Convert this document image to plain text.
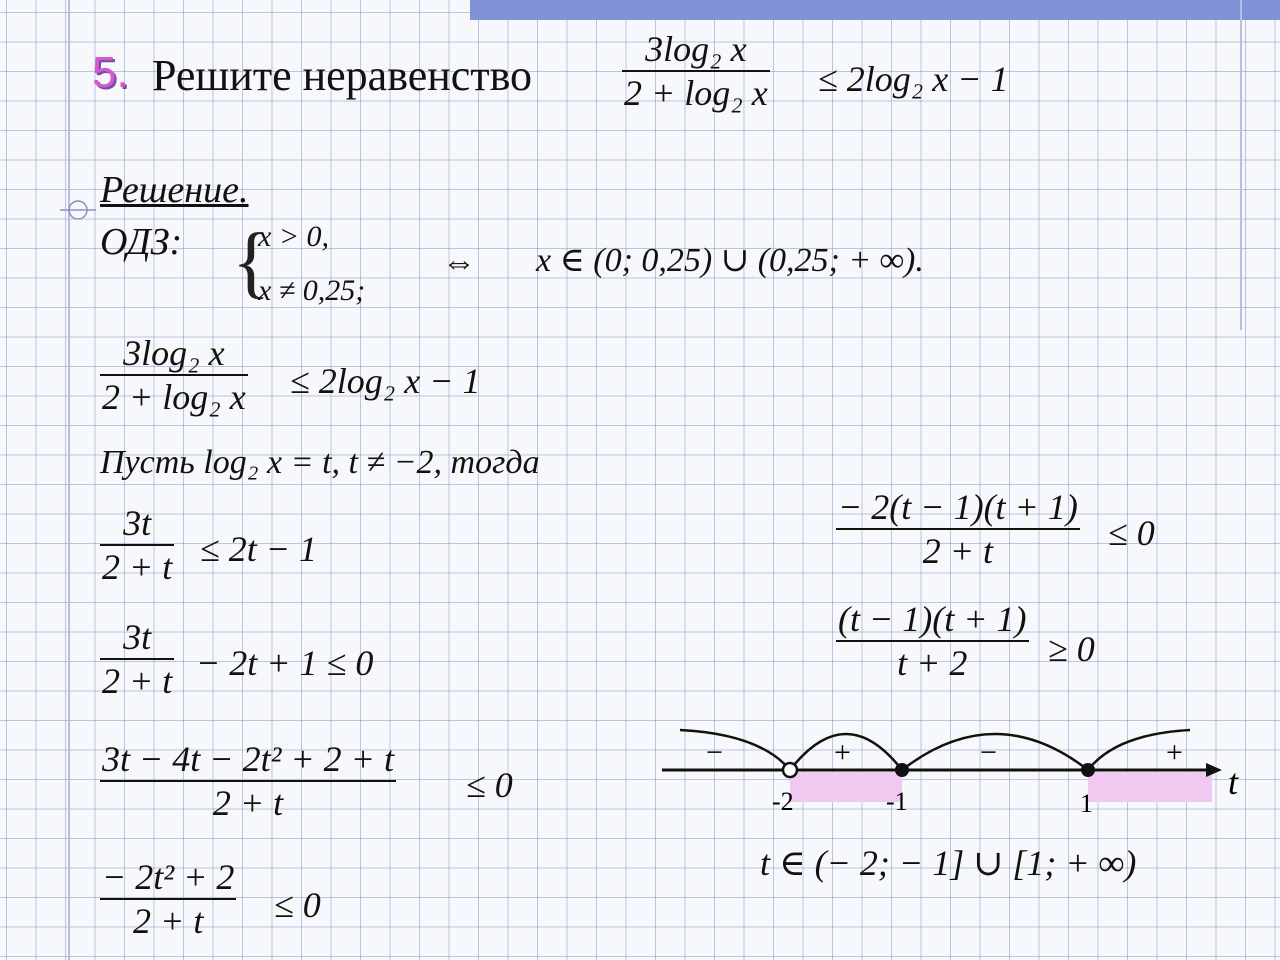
5. Решите неравенство
3log₂ x
2 + log₂ x ≤ 2log₂ x − 1
Решение.
ОДЗ: {
x > 0,
x ≠ 0,25;
⇔ x ∈ (0; 0,25) ∪ (0,25; + ∞).
3log₂ x
2 + log₂ x ≤ 2log₂ x − 1
Пусть log₂ x = t, t ≠ −2, тогда
3t
2 + t ≤ 2t − 1
3t
2 + t − 2t + 1 ≤ 0
3t − 4t − 2t² + 2 + t
2 + t	≤ 0
− 2t² + 2
2 + t ≤ 0
− 2(t − 1)(t + 1)
2 + t	≤ 0
(t − 1)(t + 1)
t + 2 ≥ 0
−	+	−	+
-2	-1	1
t
t ∈ (− 2; − 1] ∪ [1; + ∞)
